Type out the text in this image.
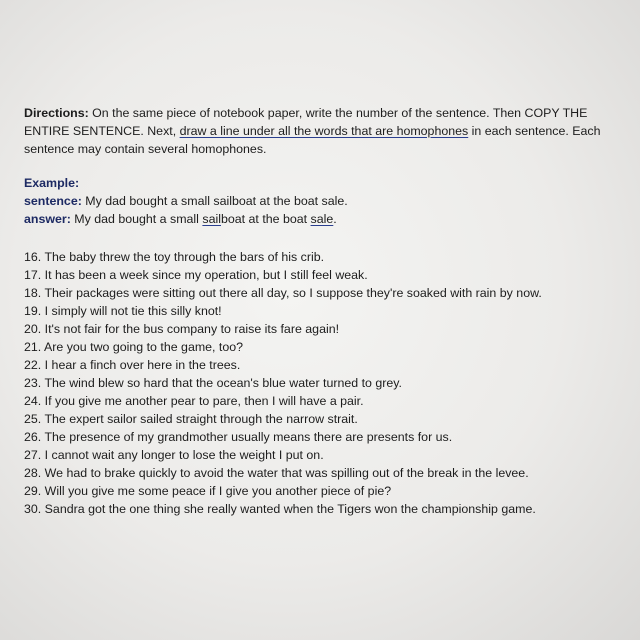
Directions: On the same piece of notebook paper, write the number of the sentence. Then COPY THE ENTIRE SENTENCE. Next, draw a line under all the words that are homophones in each sentence. Each sentence may contain several homophones.

Example:

sentence: My dad bought a small sailboat at the boat sale.

answer: My dad bought a small sailboat at the boat sale.

16. The baby threw the toy through the bars of his crib.

17. It has been a week since my operation, but I still feel weak.

18. Their packages were sitting out there all day, so I suppose they're soaked with rain by now.

19. I simply will not tie this silly knot!

20. It's not fair for the bus company to raise its fare again!

21. Are you two going to the game, too?

22. I hear a finch over here in the trees.

23. The wind blew so hard that the ocean's blue water turned to grey.

24. If you give me another pear to pare, then I will have a pair.

25. The expert sailor sailed straight through the narrow strait.

26. The presence of my grandmother usually means there are presents for us.

27. I cannot wait any longer to lose the weight I put on.

28. We had to brake quickly to avoid the water that was spilling out of the break in the levee.

29. Will you give me some peace if I give you another piece of pie?

30. Sandra got the one thing she really wanted when the Tigers won the championship game.
